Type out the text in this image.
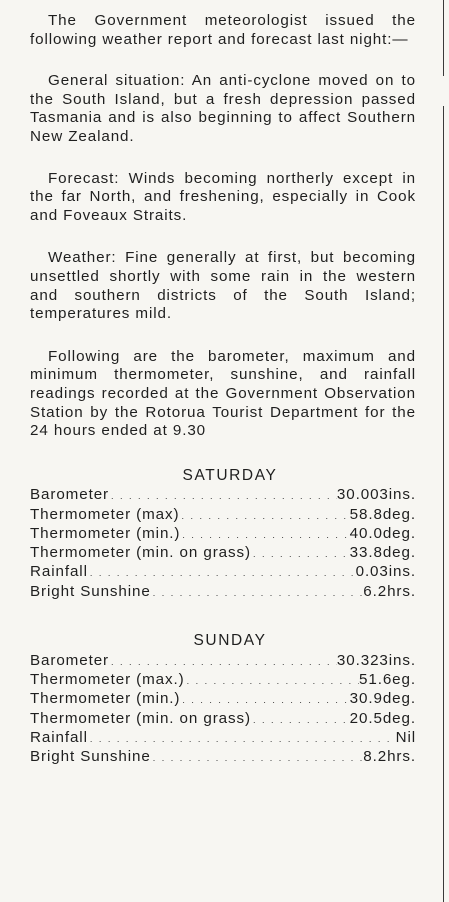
The Government meteorologist issued the following weather report and forecast last night:—

General situation: An anti-cyclone moved on to the South Island, but a fresh depression passed Tasmania and is also beginning to affect Southern New Zealand.

Forecast: Winds becoming northerly except in the far North, and freshening, especially in Cook and Foveaux Straits.

Weather: Fine generally at first, but becoming unsettled shortly with some rain in the western and southern districts of the South Island; temperatures mild.

Following are the barometer, maximum and minimum thermometer, sunshine, and rainfall readings recorded at the Government Observation Station by the Rotorua Tourist Department for the 24 hours ended at 9.30

SATURDAY
Barometer . . .	30.003ins.
Thermometer (max) . . .	58.8deg.
Thermometer (min.) . . .	40.0deg.
Thermometer (min. on grass) . . .	33.8deg.
Rainfall . . .	0.03ins.
Bright Sunshine . . .	6.2hrs.
SUNDAY
Barometer . . .	30.323ins.
Thermometer (max.) . . .	51.6eg.
Thermometer (min.) . . .	30.9deg.
Thermometer (min. on grass) . . .	20.5deg.
Rainfall . . .	Nil
Bright Sunshine . . .	8.2hrs.
